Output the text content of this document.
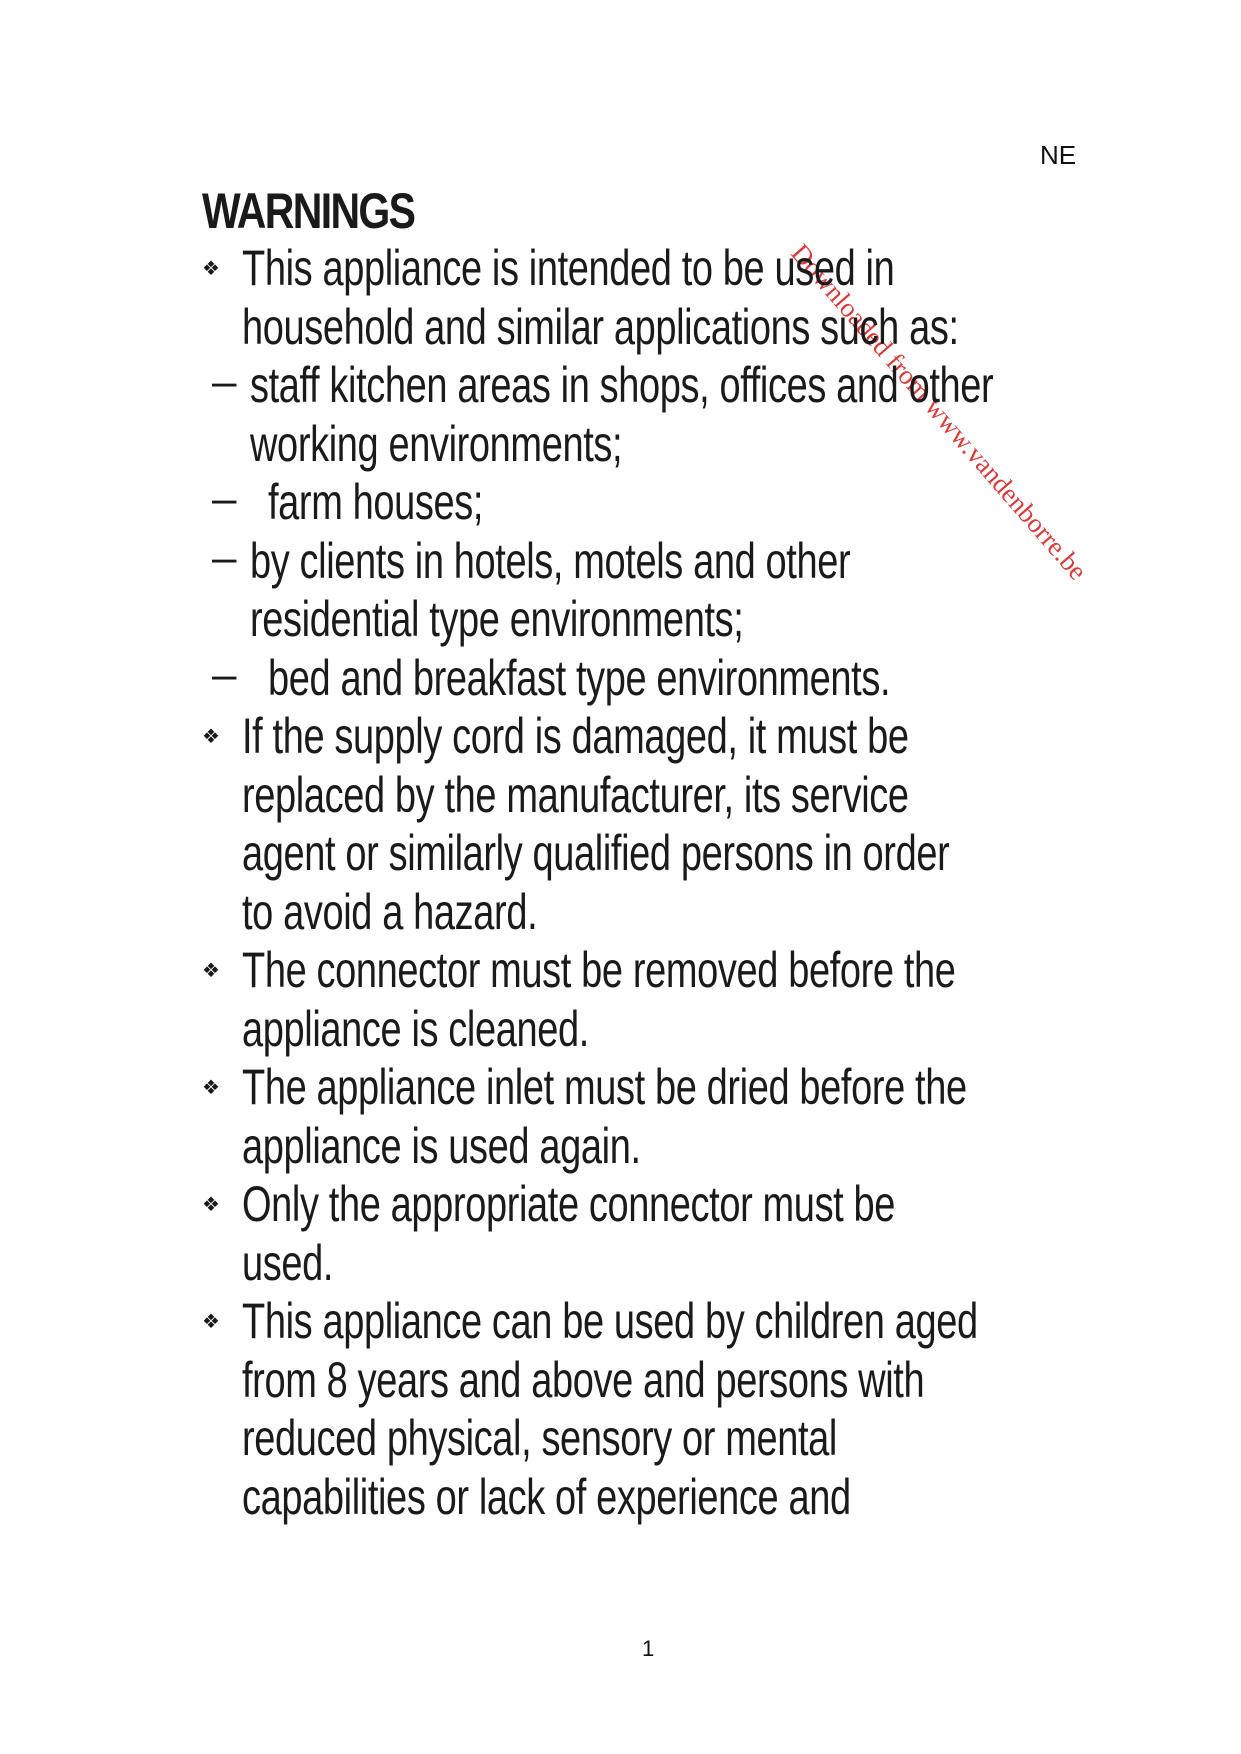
NE
Downloaded from www.vandenborre.be
WARNINGS
❖ This appliance is intended to be used in
household and similar applications such as:
– staff kitchen areas in shops, offices and other
working environments;
– farm houses;
– by clients in hotels, motels and other
residential type environments;
– bed and breakfast type environments.
❖ If the supply cord is damaged, it must be
replaced by the manufacturer, its service
agent or similarly qualified persons in order
to avoid a hazard.
❖ The connector must be removed before the
appliance is cleaned.
❖ The appliance inlet must be dried before the
appliance is used again.
❖ Only the appropriate connector must be
used.
❖ This appliance can be used by children aged
from 8 years and above and persons with
reduced physical, sensory or mental
capabilities or lack of experience and
1
